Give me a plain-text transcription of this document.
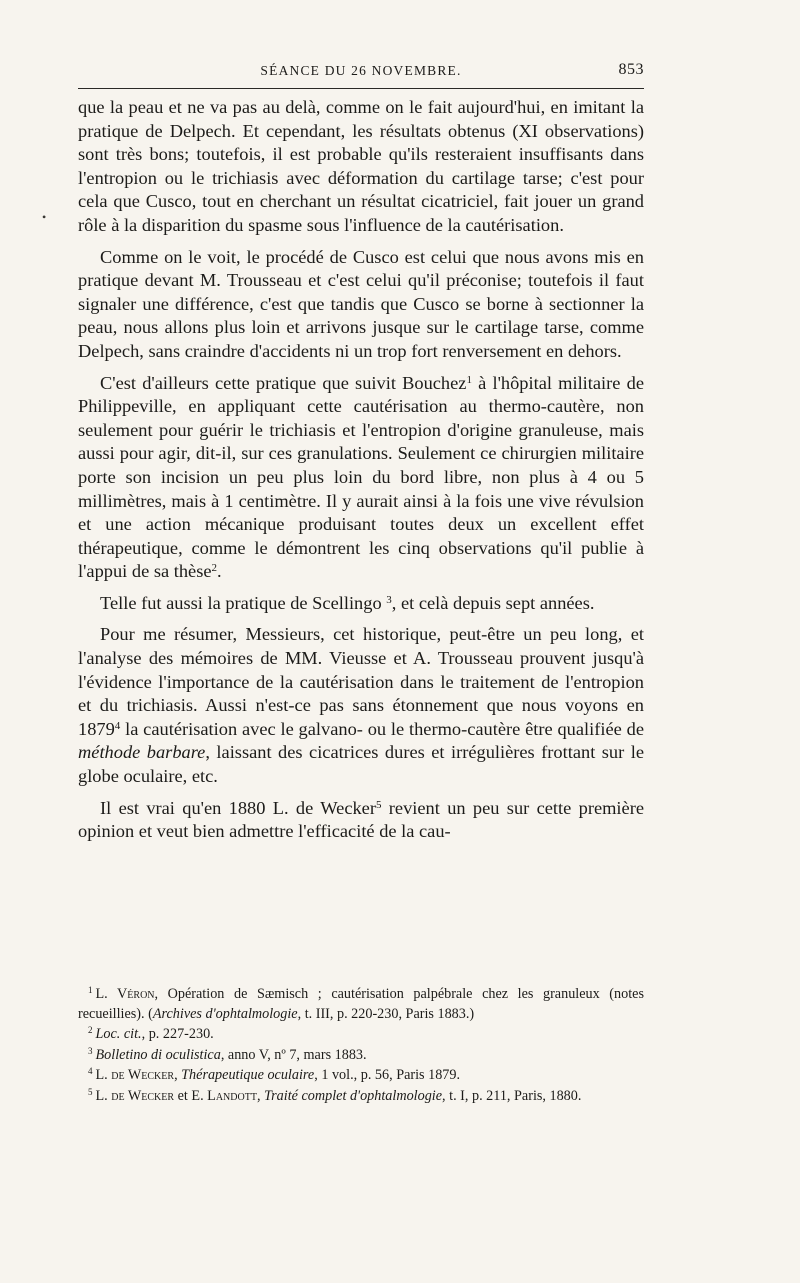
SÉANCE DU 26 NOVEMBRE.	853
•

que la peau et ne va pas au delà, comme on le fait aujourd'hui, en imitant la pratique de Delpech. Et cependant, les résultats obtenus (XI observations) sont très bons; toutefois, il est probable qu'ils resteraient insuffisants dans l'entropion ou le trichiasis avec déformation du cartilage tarse; c'est pour cela que Cusco, tout en cherchant un résultat cicatriciel, fait jouer un grand rôle à la disparition du spasme sous l'influence de la cautérisation.

Comme on le voit, le procédé de Cusco est celui que nous avons mis en pratique devant M. Trousseau et c'est celui qu'il préconise; toutefois il faut signaler une différence, c'est que tandis que Cusco se borne à sectionner la peau, nous allons plus loin et arrivons jusque sur le cartilage tarse, comme Delpech, sans craindre d'accidents ni un trop fort renversement en dehors.

C'est d'ailleurs cette pratique que suivit Bouchez$^1$ à l'hôpital militaire de Philippeville, en appliquant cette cautérisation au thermo-cautère, non seulement pour guérir le trichiasis et l'entropion d'origine granuleuse, mais aussi pour agir, dit-il, sur ces granulations. Seulement ce chirurgien militaire porte son incision un peu plus loin du bord libre, non plus à 4 ou 5 millimètres, mais à 1 centimètre. Il y aurait ainsi à la fois une vive révulsion et une action mécanique produisant toutes deux un excellent effet thérapeutique, comme le démontrent les cinq observations qu'il publie à l'appui de sa thèse$^2$.

Telle fut aussi la pratique de Scellingo $^3$, et celà depuis sept années.

Pour me résumer, Messieurs, cet historique, peut-être un peu long, et l'analyse des mémoires de MM. Vieusse et A. Trousseau prouvent jusqu'à l'évidence l'importance de la cautérisation dans le traitement de l'entropion et du trichiasis. Aussi n'est-ce pas sans étonnement que nous voyons en 1879$^4$ la cautérisation avec le galvano- ou le thermo-cautère être qualifiée de méthode barbare, laissant des cicatrices dures et irrégulières frottant sur le globe oculaire, etc.

Il est vrai qu'en 1880 L. de Wecker$^5$ revient un peu sur cette première opinion et veut bien admettre l'efficacité de la cau-

$^1$ L. Véron, Opération de Sæmisch ; cautérisation palpébrale chez les granuleux (notes recueillies). (Archives d'ophtalmologie, t. III, p. 220-230, Paris 1883.)

$^2$ Loc. cit., p. 227-230.

$^3$ Bolletino di oculistica, anno V, nº 7, mars 1883.

$^4$ L. de Wecker, Thérapeutique oculaire, 1 vol., p. 56, Paris 1879.

$^5$ L. de Wecker et E. Landott, Traité complet d'ophtalmologie, t. I, p. 211, Paris, 1880.
